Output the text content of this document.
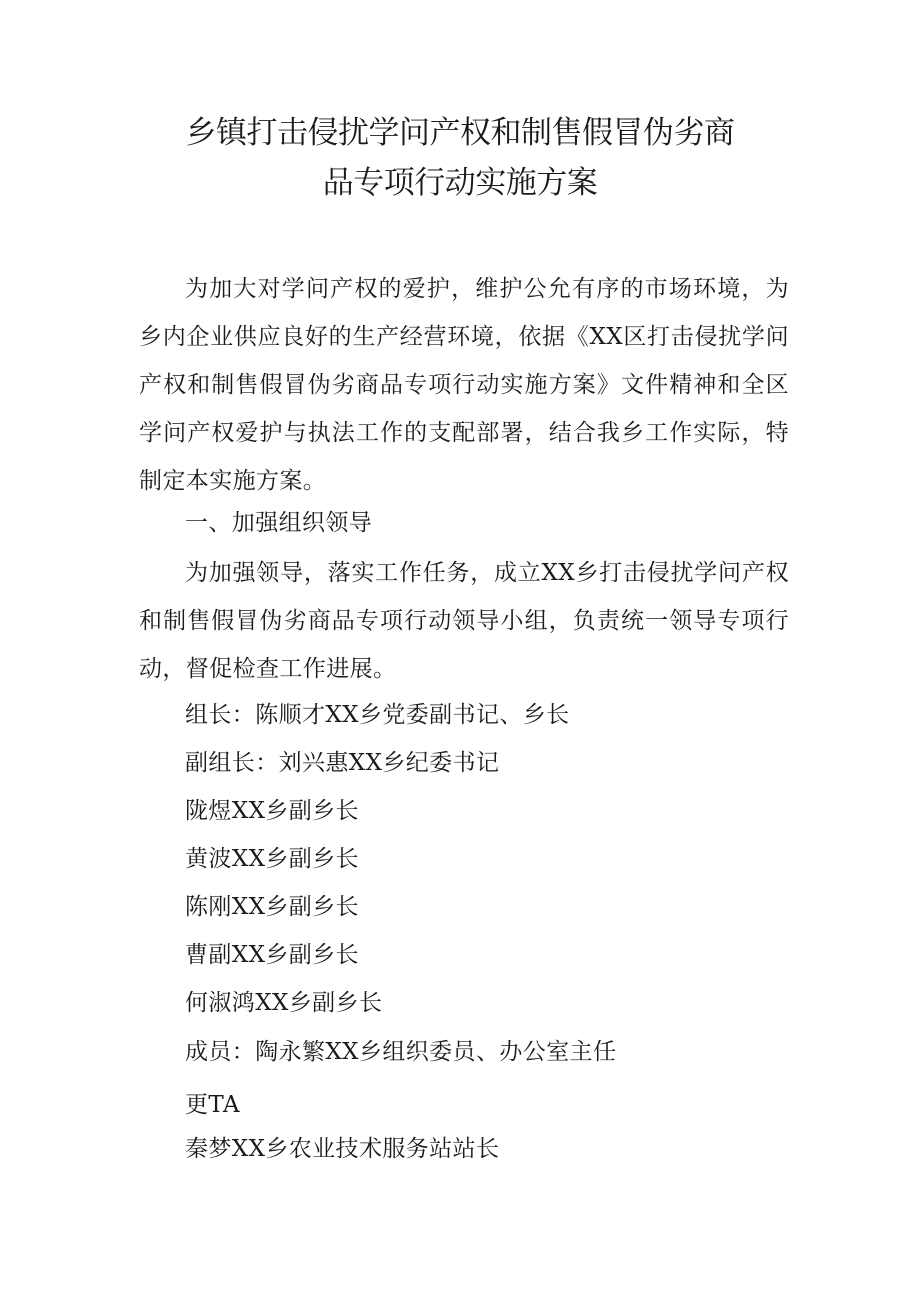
乡镇打击侵扰学问产权和制售假冒伪劣商
品专项行动实施方案

为加大对学问产权的爱护，维护公允有序的市场环境，为乡内企业供应良好的生产经营环境，依据《XX区打击侵扰学问产权和制售假冒伪劣商品专项行动实施方案》文件精神和全区学问产权爱护与执法工作的支配部署，结合我乡工作实际，特制定本实施方案。

一、加强组织领导

为加强领导，落实工作任务，成立XX乡打击侵扰学问产权和制售假冒伪劣商品专项行动领导小组，负责统一领导专项行动，督促检查工作进展。

组长：陈顺才XX乡党委副书记、乡长
副组长：刘兴惠XX乡纪委书记
陇煜XX乡副乡长
黄波XX乡副乡长
陈刚XX乡副乡长
曹副XX乡副乡长
何淑鸿XX乡副乡长
成员：陶永繁XX乡组织委员、办公室主任
更TA
秦梦XX乡农业技术服务站站长
